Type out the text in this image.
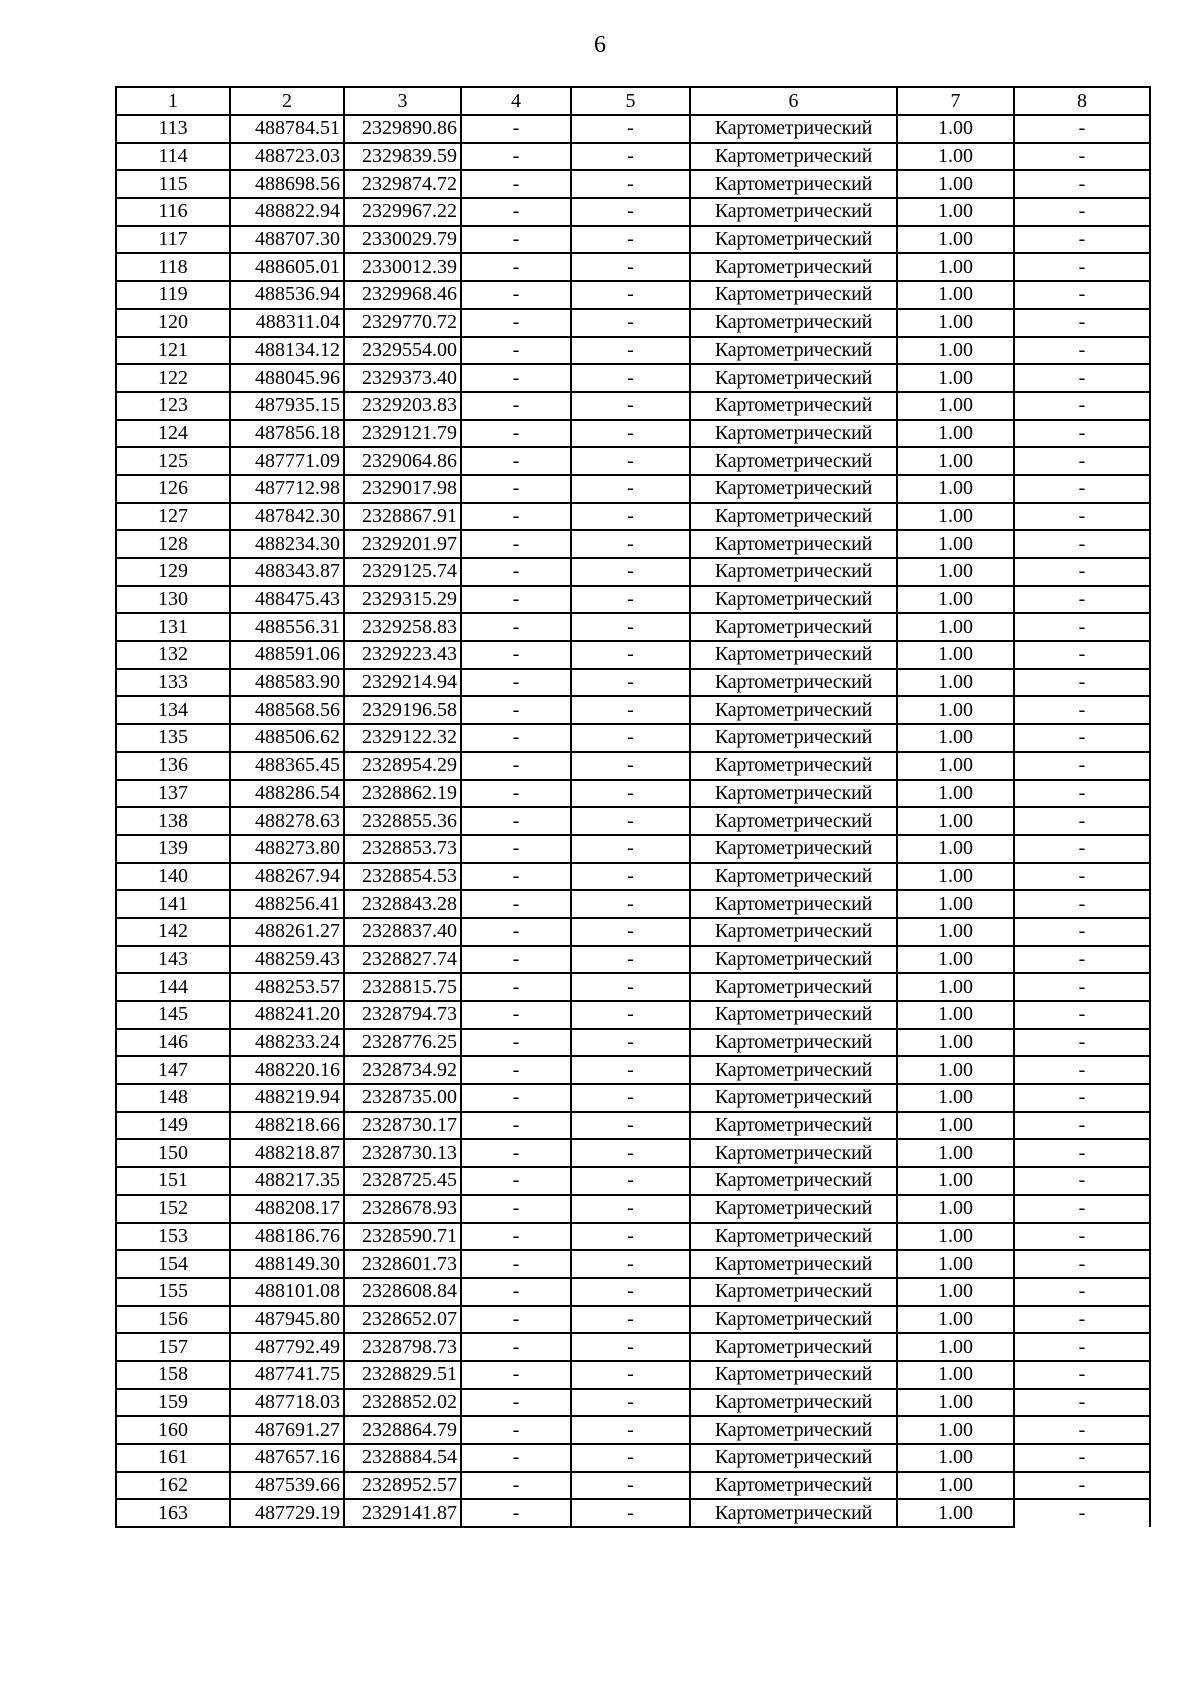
6
1	2	3	4	5	6	7	8
113	488784.51	2329890.86	-	-	Картометрический	1.00	-
114	488723.03	2329839.59	-	-	Картометрический	1.00	-
115	488698.56	2329874.72	-	-	Картометрический	1.00	-
116	488822.94	2329967.22	-	-	Картометрический	1.00	-
117	488707.30	2330029.79	-	-	Картометрический	1.00	-
118	488605.01	2330012.39	-	-	Картометрический	1.00	-
119	488536.94	2329968.46	-	-	Картометрический	1.00	-
120	488311.04	2329770.72	-	-	Картометрический	1.00	-
121	488134.12	2329554.00	-	-	Картометрический	1.00	-
122	488045.96	2329373.40	-	-	Картометрический	1.00	-
123	487935.15	2329203.83	-	-	Картометрический	1.00	-
124	487856.18	2329121.79	-	-	Картометрический	1.00	-
125	487771.09	2329064.86	-	-	Картометрический	1.00	-
126	487712.98	2329017.98	-	-	Картометрический	1.00	-
127	487842.30	2328867.91	-	-	Картометрический	1.00	-
128	488234.30	2329201.97	-	-	Картометрический	1.00	-
129	488343.87	2329125.74	-	-	Картометрический	1.00	-
130	488475.43	2329315.29	-	-	Картометрический	1.00	-
131	488556.31	2329258.83	-	-	Картометрический	1.00	-
132	488591.06	2329223.43	-	-	Картометрический	1.00	-
133	488583.90	2329214.94	-	-	Картометрический	1.00	-
134	488568.56	2329196.58	-	-	Картометрический	1.00	-
135	488506.62	2329122.32	-	-	Картометрический	1.00	-
136	488365.45	2328954.29	-	-	Картометрический	1.00	-
137	488286.54	2328862.19	-	-	Картометрический	1.00	-
138	488278.63	2328855.36	-	-	Картометрический	1.00	-
139	488273.80	2328853.73	-	-	Картометрический	1.00	-
140	488267.94	2328854.53	-	-	Картометрический	1.00	-
141	488256.41	2328843.28	-	-	Картометрический	1.00	-
142	488261.27	2328837.40	-	-	Картометрический	1.00	-
143	488259.43	2328827.74	-	-	Картометрический	1.00	-
144	488253.57	2328815.75	-	-	Картометрический	1.00	-
145	488241.20	2328794.73	-	-	Картометрический	1.00	-
146	488233.24	2328776.25	-	-	Картометрический	1.00	-
147	488220.16	2328734.92	-	-	Картометрический	1.00	-
148	488219.94	2328735.00	-	-	Картометрический	1.00	-
149	488218.66	2328730.17	-	-	Картометрический	1.00	-
150	488218.87	2328730.13	-	-	Картометрический	1.00	-
151	488217.35	2328725.45	-	-	Картометрический	1.00	-
152	488208.17	2328678.93	-	-	Картометрический	1.00	-
153	488186.76	2328590.71	-	-	Картометрический	1.00	-
154	488149.30	2328601.73	-	-	Картометрический	1.00	-
155	488101.08	2328608.84	-	-	Картометрический	1.00	-
156	487945.80	2328652.07	-	-	Картометрический	1.00	-
157	487792.49	2328798.73	-	-	Картометрический	1.00	-
158	487741.75	2328829.51	-	-	Картометрический	1.00	-
159	487718.03	2328852.02	-	-	Картометрический	1.00	-
160	487691.27	2328864.79	-	-	Картометрический	1.00	-
161	487657.16	2328884.54	-	-	Картометрический	1.00	-
162	487539.66	2328952.57	-	-	Картометрический	1.00	-
163	487729.19	2329141.87	-	-	Картометрический	1.00	-
